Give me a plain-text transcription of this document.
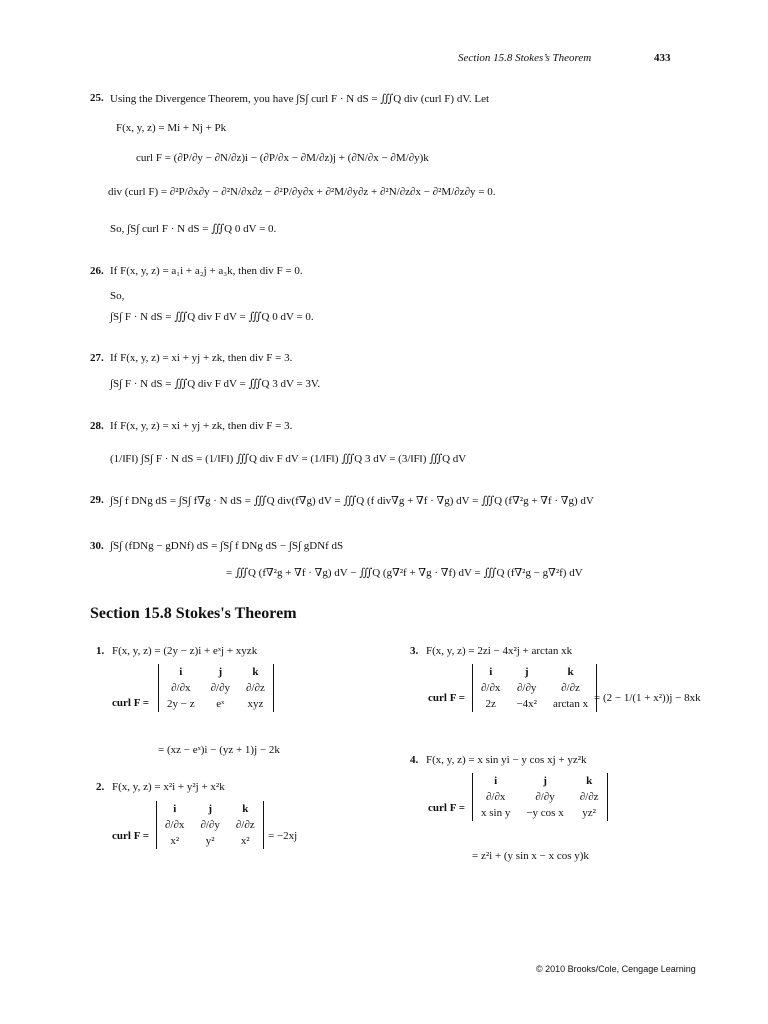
Section 15.8 Stokes’s Theorem	433
25. Using the Divergence Theorem, you have ∫S∫ curl F · N dS = ∭Q div (curl F) dV. Let
F(x, y, z) = Mi + Nj + Pk
curl F = (∂P/∂y − ∂N/∂z)i − (∂P/∂x − ∂M/∂z)j + (∂N/∂x − ∂M/∂y)k
div (curl F) = ∂²P/∂x∂y − ∂²N/∂x∂z − ∂²P/∂y∂x + ∂²M/∂y∂z + ∂²N/∂z∂x − ∂²M/∂z∂y = 0.
So, ∫S∫ curl F · N dS = ∭Q 0 dV = 0.
26. If F(x, y, z) = a₁i + a₂j + a₃k, then div F = 0.
So,
∫S∫ F · N dS = ∭Q div F dV = ∭Q 0 dV = 0.
27. If F(x, y, z) = xi + yj + zk, then div F = 3.
∫S∫ F · N dS = ∭Q div F dV = ∭Q 3 dV = 3V.
28. If F(x, y, z) = xi + yj + zk, then div F = 3.
(1/‖F‖) ∫S∫ F · N dS = (1/‖F‖) ∭Q div F dV = (1/‖F‖) ∭Q 3 dV = (3/‖F‖) ∭Q dV
29. ∫S∫ f DNg dS = ∫S∫ f∇g · N dS = ∭Q div(f∇g) dV = ∭Q (f div∇g + ∇f · ∇g) dV = ∭Q (f∇²g + ∇f · ∇g) dV
30. ∫S∫ (fDNg − gDNf) dS = ∫S∫ f DNg dS − ∫S∫ gDNf dS
= ∭Q (f∇²g + ∇f · ∇g) dV − ∭Q (g∇²f + ∇g · ∇f) dV = ∭Q (f∇²g − g∇²f) dV
Section 15.8 Stokes's Theorem
1. F(x, y, z) = (2y − z)i + eˣj + xyzk
curl F =
i	j	k
∂/∂x	∂/∂y	∂/∂z
2y − z	eˣ	xyz
= (xz − eˣ)i − (yz + 1)j − 2k
2. F(x, y, z) = x²i + y²j + x²k
curl F =
i	j	k
∂/∂x	∂/∂y	∂/∂z
x²	y²	x² = −2xj
3. F(x, y, z) = 2zi − 4x²j + arctan xk
curl F =
i	j	k
∂/∂x	∂/∂y	∂/∂z
2z	−4x²	arctan x = (2 − 1/(1 + x²))j − 8xk
4. F(x, y, z) = x sin yi − y cos xj + yz²k
curl F =
i	j	k
∂/∂x	∂/∂y	∂/∂z
x sin y	−y cos x	yz²
= z²i + (y sin x − x cos y)k
© 2010 Brooks/Cole, Cengage Learning
